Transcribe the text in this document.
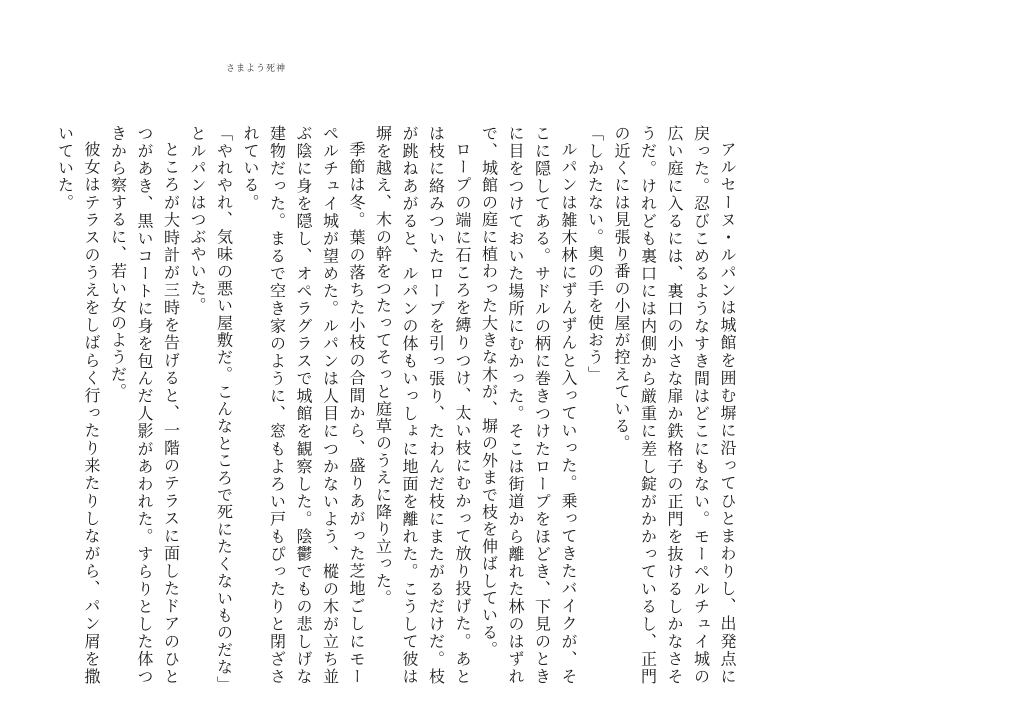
さまよう死神

アルセーヌ・ルパンは城館を囲む塀に沿ってひとまわりし、出発点に戻った。忍びこめるようなすき間はどこにもない。モーペルチュイ城の広い庭に入るには、裏口の小さな扉か鉄格子の正門を抜けるしかなさそうだ。けれども裏口には内側から厳重に差し錠がかかっているし、正門の近くには見張り番の小屋が控えている。

「しかたない。奥の手を使おう」

ルパンは雑木林にずんずんと入っていった。乗ってきたバイクが、そこに隠してある。サドルの柄に巻きつけたロープをほどき、下見のときに目をつけておいた場所にむかった。そこは街道から離れた林のはずれで、城館の庭に植わった大きな木が、塀の外まで枝を伸ばしている。

ロープの端に石ころを縛りつけ、太い枝にむかって放り投げた。あとは枝に絡みついたロープを引っ張り、たわんだ枝にまたがるだけだ。枝が跳ねあがると、ルパンの体もいっしょに地面を離れた。こうして彼は塀を越え、木の幹をつたってそっと庭草のうえに降り立った。

季節は冬。葉の落ちた小枝の合間から、盛りあがった芝地ごしにモーペルチュイ城が望めた。ルパンは人目につかないよう、樅の木が立ち並ぶ陰に身を隠し、オペラグラスで城館を観察した。陰鬱でもの悲しげな建物だった。まるで空き家のように、窓もよろい戸もぴったりと閉ざされている。

「やれやれ、気味の悪い屋敷だ。こんなところで死にたくないものだな」とルパンはつぶやいた。

ところが大時計が三時を告げると、一階のテラスに面したドアのひとつがあき、黒いコートに身を包んだ人影があわれた。すらりとした体つきから察するに、若い女のようだ。

彼女はテラスのうえをしばらく行ったり来たりしながら、パン屑を撒いていた。
